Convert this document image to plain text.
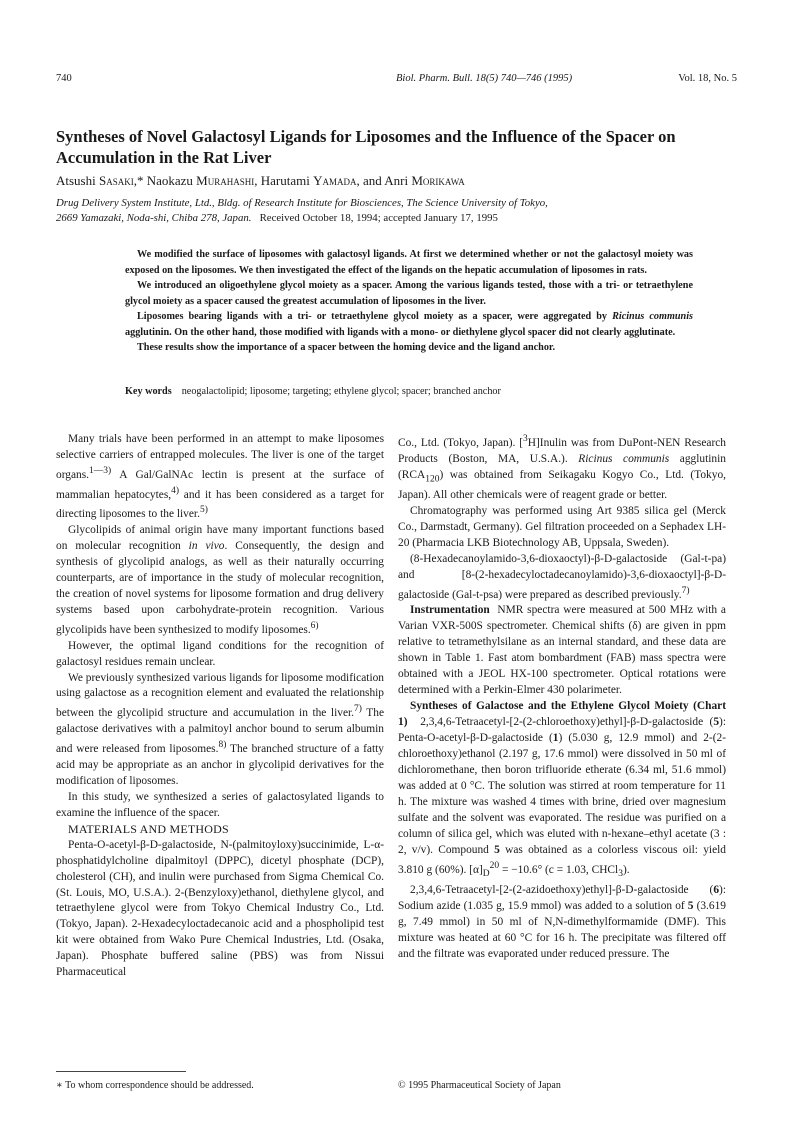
740	Biol. Pharm. Bull. 18(5) 740—746 (1995)	Vol. 18, No. 5
Syntheses of Novel Galactosyl Ligands for Liposomes and the Influence of the Spacer on Accumulation in the Rat Liver
Atsushi Sasaki,* Naokazu Murahashi, Harutami Yamada, and Anri Morikawa
Drug Delivery System Institute, Ltd., Bldg. of Research Institute for Biosciences, The Science University of Tokyo,
2669 Yamazaki, Noda-shi, Chiba 278, Japan. Received October 18, 1994; accepted January 17, 1995

We modified the surface of liposomes with galactosyl ligands. At first we determined whether or not the galactosyl moiety was exposed on the liposomes. We then investigated the effect of the ligands on the hepatic accumulation of liposomes in rats.

We introduced an oligoethylene glycol moiety as a spacer. Among the various ligands tested, those with a tri- or tetraethylene glycol moiety as a spacer caused the greatest accumulation of liposomes in the liver.

Liposomes bearing ligands with a tri- or tetraethylene glycol moiety as a spacer, were aggregated by Ricinus communis agglutinin. On the other hand, those modified with ligands with a mono- or diethylene glycol spacer did not clearly agglutinate.

These results show the importance of a spacer between the homing device and the ligand anchor.

Key words neogalactolipid; liposome; targeting; ethylene glycol; spacer; branched anchor

Many trials have been performed in an attempt to make liposomes selective carriers of entrapped molecules. The liver is one of the target organs.$^{1—3)}$ A Gal/GalNAc lectin is present at the surface of mammalian hepatocytes,$^{4)}$ and it has been considered as a target for directing liposomes to the liver.$^{5)}$

Glycolipids of animal origin have many important functions based on molecular recognition in vivo. Consequently, the design and synthesis of glycolipid analogs, as well as their naturally occurring counterparts, are of importance in the study of molecular recognition, the creation of novel systems for liposome formation and drug delivery systems based upon carbohydrate-protein recognition. Various glycolipids have been synthesized to modify liposomes.$^{6)}$

However, the optimal ligand conditions for the recognition of galactosyl residues remain unclear.

We previously synthesized various ligands for liposome modification using galactose as a recognition element and evaluated the relationship between the glycolipid structure and accumulation in the liver.$^{7)}$ The galactose derivatives with a palmitoyl anchor bound to serum albumin and were released from liposomes.$^{8)}$ The branched structure of a fatty acid may be appropriate as an anchor in glycolipid derivatives for the modification of liposomes.

In this study, we synthesized a series of galactosylated ligands to examine the influence of the spacer.

MATERIALS AND METHODS

Penta-O-acetyl-β-D-galactoside, N-(palmitoyloxy)succinimide, L-α-phosphatidylcholine dipalmitoyl (DPPC), dicetyl phosphate (DCP), cholesterol (CH), and inulin were purchased from Sigma Chemical Co. (St. Louis, MO, U.S.A.). 2-(Benzyloxy)ethanol, diethylene glycol, and tetraethylene glycol were from Tokyo Chemical Industry Co., Ltd. (Tokyo, Japan). 2-Hexadecyloctadecanoic acid and a phospholipid test kit were obtained from Wako Pure Chemical Industries, Ltd. (Osaka, Japan). Phosphate buffered saline (PBS) was from Nissui Pharmaceutical

Co., Ltd. (Tokyo, Japan). [$^3$H]Inulin was from DuPont-NEN Research Products (Boston, MA, U.S.A.). Ricinus communis agglutinin $(RCA_{120})$ was obtained from Seikagaku Kogyo Co., Ltd. (Tokyo, Japan). All other chemicals were of reagent grade or better.

Chromatography was performed using Art 9385 silica gel (Merck Co., Darmstadt, Germany). Gel filtration proceeded on a Sephadex LH-20 (Pharmacia LKB Biotechnology AB, Uppsala, Sweden).

(8-Hexadecanoylamido-3,6-dioxaoctyl)-β-D-galactoside (Gal-t-pa) and [8-(2-hexadecyloctadecanoylamido)-3,6-dioxaoctyl]-β-D-galactoside (Gal-t-psa) were prepared as described previously.$^{7)}$

Instrumentation NMR spectra were measured at 500 MHz with a Varian VXR-500S spectrometer. Chemical shifts (δ) are given in ppm relative to tetramethylsilane as an internal standard, and these data are shown in Table 1. Fast atom bombardment (FAB) mass spectra were obtained with a JEOL HX-100 spectrometer. Optical rotations were determined with a Perkin-Elmer 430 polarimeter.

Syntheses of Galactose and the Ethylene Glycol Moiety (Chart 1) 2,3,4,6-Tetraacetyl-[2-(2-chloroethoxy)ethyl]-β-D-galactoside (5): Penta-O-acetyl-β-D-galactoside (1) (5.030 g, 12.9 mmol) and 2-(2-chloroethoxy)ethanol (2.197 g, 17.6 mmol) were dissolved in 50 ml of dichloromethane, then boron trifluoride etherate (6.34 ml, 51.6 mmol) was added at 0 °C. The solution was stirred at room temperature for 11 h. The mixture was washed 4 times with brine, dried over magnesium sulfate and the solvent was evaporated. The residue was purified on a column of silica gel, which was eluted with n-hexane–ethyl acetate (3 : 2, v/v). Compound 5 was obtained as a colorless viscous oil: yield 3.810 g (60%). $[\alpha]_D^{20} = -10.6^\circ$ (c = 1.03, CHCl$_3$).

2,3,4,6-Tetraacetyl-[2-(2-azidoethoxy)ethyl]-β-D-galactoside (6): Sodium azide (1.035 g, 15.9 mmol) was added to a solution of 5 (3.619 g, 7.49 mmol) in 50 ml of N,N-dimethylformamide (DMF). This mixture was heated at 60 °C for 16 h. The precipitate was filtered off and the filtrate was evaporated under reduced pressure. The

∗ To whom correspondence should be addressed.	© 1995 Pharmaceutical Society of Japan
